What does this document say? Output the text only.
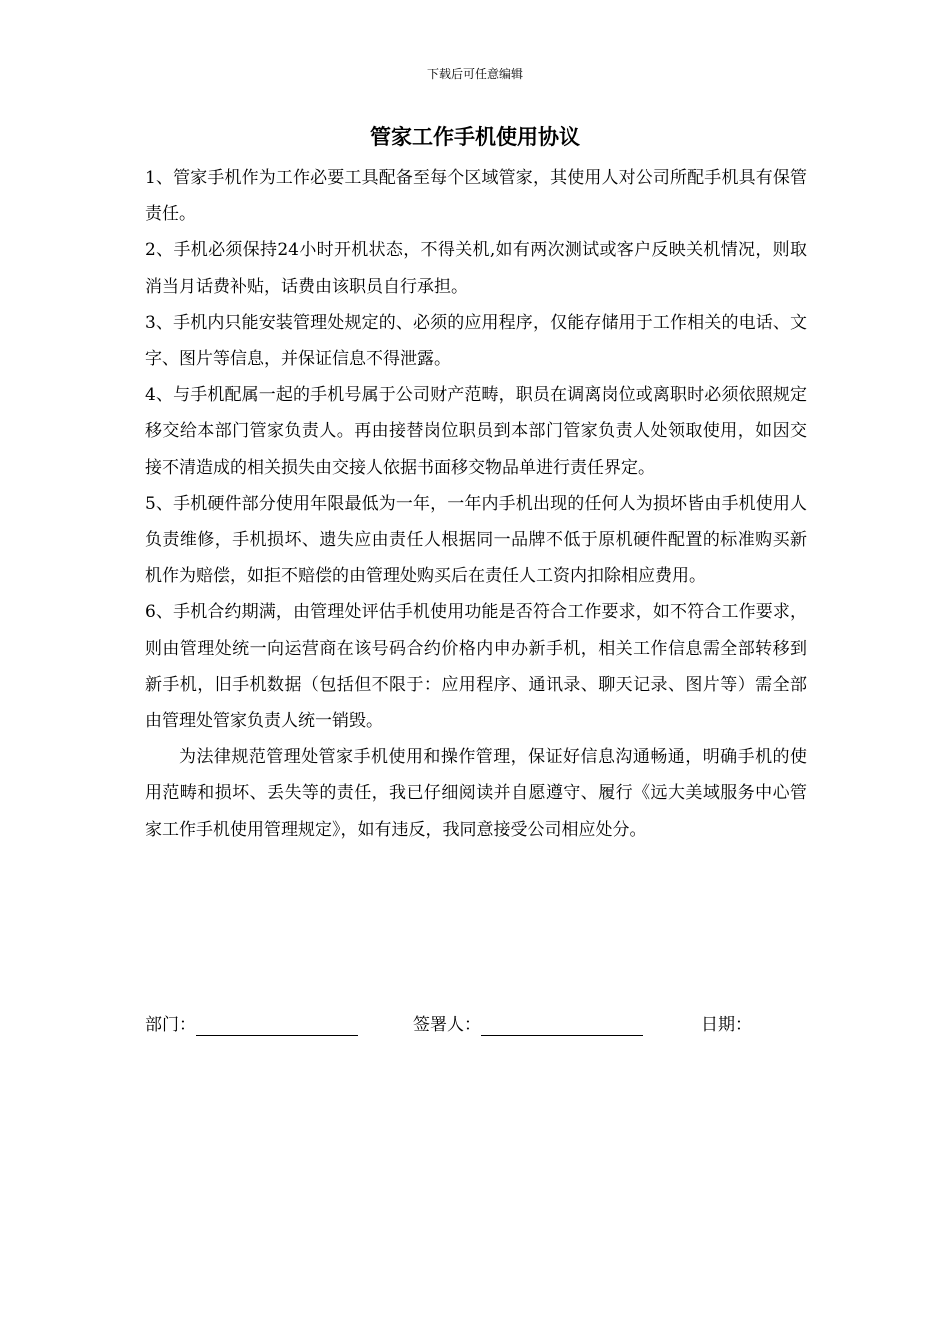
下载后可任意编辑
管家工作手机使用协议

1、管家手机作为工作必要工具配备至每个区域管家，其使用人对公司所配手机具有保管责任。

2、手机必须保持24小时开机状态，不得关机,如有两次测试或客户反映关机情况，则取消当月话费补贴，话费由该职员自行承担。

3、手机内只能安装管理处规定的、必须的应用程序，仅能存储用于工作相关的电话、文字、图片等信息，并保证信息不得泄露。

4、与手机配属一起的手机号属于公司财产范畴，职员在调离岗位或离职时必须依照规定移交给本部门管家负责人。再由接替岗位职员到本部门管家负责人处领取使用，如因交接不清造成的相关损失由交接人依据书面移交物品单进行责任界定。

5、手机硬件部分使用年限最低为一年，一年内手机出现的任何人为损坏皆由手机使用人负责维修，手机损坏、遗失应由责任人根据同一品牌不低于原机硬件配置的标准购买新机作为赔偿，如拒不赔偿的由管理处购买后在责任人工资内扣除相应费用。

6、手机合约期满，由管理处评估手机使用功能是否符合工作要求，如不符合工作要求，则由管理处统一向运营商在该号码合约价格内申办新手机，相关工作信息需全部转移到新手机，旧手机数据（包括但不限于：应用程序、通讯录、聊天记录、图片等）需全部由管理处管家负责人统一销毁。

为法律规范管理处管家手机使用和操作管理，保证好信息沟通畅通，明确手机的使用范畴和损坏、丢失等的责任，我已仔细阅读并自愿遵守、履行《远大美域服务中心管家工作手机使用管理规定》，如有违反，我同意接受公司相应处分。

部门：	签署人：	日期：
